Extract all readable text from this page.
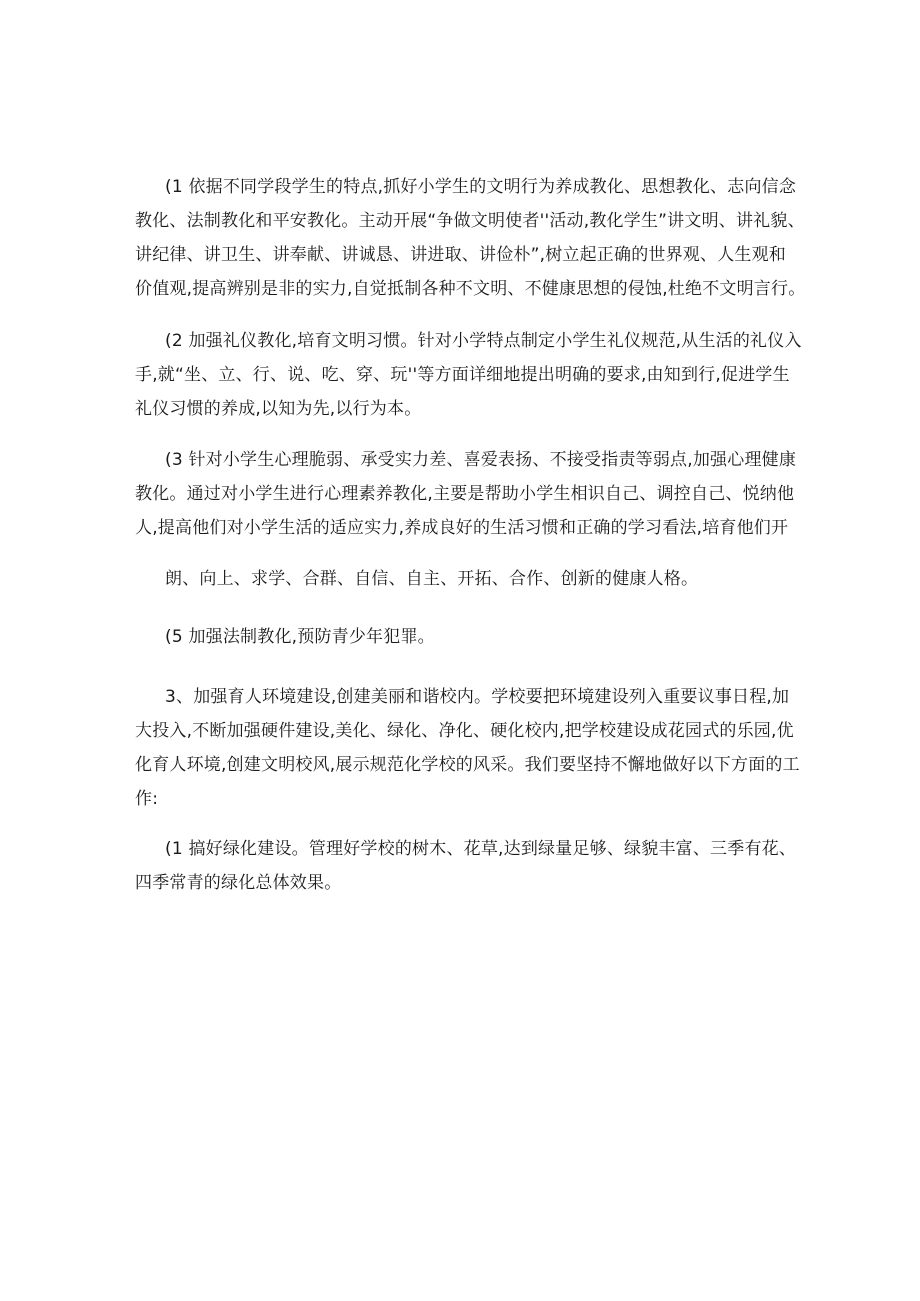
(1 依据不同学段学生的特点,抓好小学生的文明行为养成教化、思想教化、志向信念
教化、法制教化和平安教化。主动开展“争做文明使者''活动,教化学生”讲文明、讲礼貌、
讲纪律、讲卫生、讲奉献、讲诚恳、讲进取、讲俭朴”,树立起正确的世界观、人生观和
价值观,提高辨别是非的实力,自觉抵制各种不文明、不健康思想的侵蚀,杜绝不文明言行。
(2 加强礼仪教化,培育文明习惯。针对小学特点制定小学生礼仪规范,从生活的礼仪入
手,就“坐、立、行、说、吃、穿、玩''等方面详细地提出明确的要求,由知到行,促进学生
礼仪习惯的养成,以知为先,以行为本。
(3 针对小学生心理脆弱、承受实力差、喜爱表扬、不接受指责等弱点,加强心理健康
教化。通过对小学生进行心理素养教化,主要是帮助小学生相识自己、调控自己、悦纳他
人,提高他们对小学生活的适应实力,养成良好的生活习惯和正确的学习看法,培育他们开
朗、向上、求学、合群、自信、自主、开拓、合作、创新的健康人格。
(5 加强法制教化,预防青少年犯罪。
3、加强育人环境建设,创建美丽和谐校内。学校要把环境建设列入重要议事日程,加
大投入,不断加强硬件建设,美化、绿化、净化、硬化校内,把学校建设成花园式的乐园,优
化育人环境,创建文明校风,展示规范化学校的风采。我们要坚持不懈地做好以下方面的工
作:
(1 搞好绿化建设。管理好学校的树木、花草,达到绿量足够、绿貌丰富、三季有花、
四季常青的绿化总体效果。
